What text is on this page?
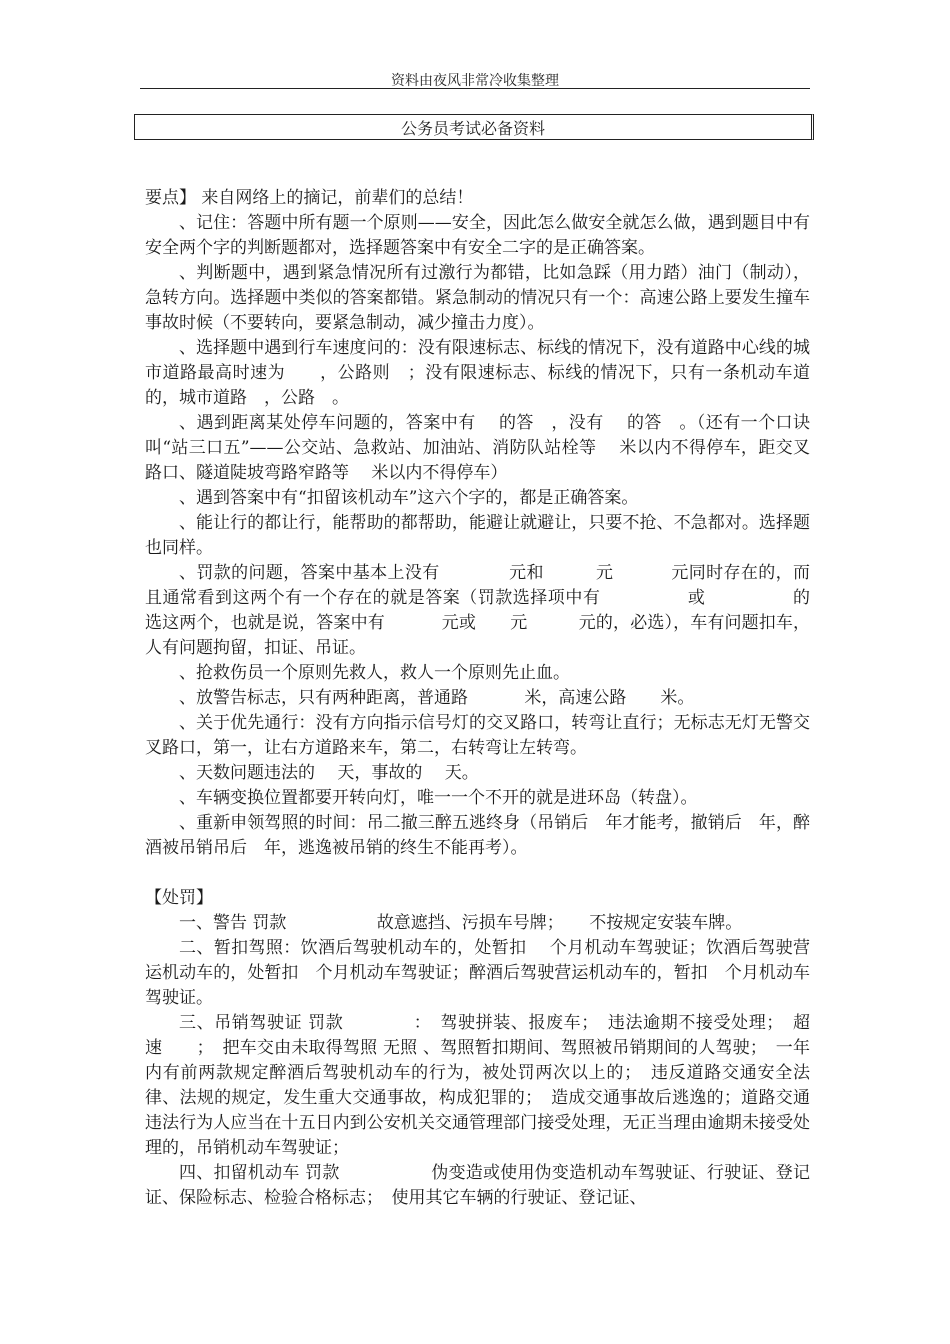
资料由夜风非常冷收集整理
公务员考试必备资料

要点】 来自网络上的摘记，前辈们的总结！

、记住：答题中所有题一个原则——安全，因此怎么做安全就怎么做，遇到题目中有安全两个字的判断题都对，选择题答案中有安全二字的是正确答案。

、判断题中，遇到紧急情况所有过激行为都错，比如急踩（用力踏）油门（制动），急转方向。选择题中类似的答案都错。紧急制动的情况只有一个：高速公路上要发生撞车事故时候（不要转向，要紧急制动，减少撞击力度）。

、选择题中遇到行车速度问的：没有限速标志、标线的情况下，没有道路中心线的城市道路最高时速为　　，公路则　；没有限速标志、标线的情况下，只有一条机动车道的，城市道路　，公路　。

、遇到距离某处停车问题的，答案中有　 的答　，没有　 的答　。（还有一个口诀叫“站三口五”——公交站、急救站、加油站、消防队站栓等　 米以内不得停车，距交叉路口、隧道陡坡弯路窄路等　 米以内不得停车）

、遇到答案中有“扣留该机动车”这六个字的，都是正确答案。

、能让行的都让行，能帮助的都帮助，能避让就避让，只要不抢、不急都对。选择题也同样。

、罚款的问题，答案中基本上没有　　　　元和　　　元　　　 元同时存在的，而且通常看到这两个有一个存在的就是答案（罚款选择项中有　　　　　或　　　　　的 选这两个，也就是说，答案中有　　　 元或　　元　　　元的，必选），车有问题扣车，人有问题拘留，扣证、吊证。

、抢救伤员一个原则先救人，救人一个原则先止血。

、放警告标志，只有两种距离，普通路　　　 米，高速公路　　米。

、关于优先通行：没有方向指示信号灯的交叉路口，转弯让直行；无标志无灯无警交叉路口，第一，让右方道路来车，第二，右转弯让左转弯。

、天数问题违法的　 天，事故的　 天。

、车辆变换位置都要开转向灯，唯一一个不开的就是进环岛（转盘）。

、重新申领驾照的时间：吊二撤三醉五逃终身（吊销后　年才能考，撤销后　年，醉酒被吊销吊后　年，逃逸被吊销的终生不能再考）。

【处罚】

一、警告 罚款　　　　　 故意遮挡、污损车号牌；　　不按规定安装车牌。

二、暂扣驾照：饮酒后驾驶机动车的，处暂扣　 个月机动车驾驶证；饮酒后驾驶营运机动车的，处暂扣　个月机动车驾驶证；醉酒后驾驶营运机动车的，暂扣　个月机动车驾驶证。

三、吊销驾驶证 罚款　　　　：　驾驶拼装、报废车；　违法逾期不接受处理；　超速　　；　把车交由未取得驾照 无照 、驾照暂扣期间、驾照被吊销期间的人驾驶；　一年内有前两款规定醉酒后驾驶机动车的行为，被处罚两次以上的；　违反道路交通安全法律、法规的规定，发生重大交通事故，构成犯罪的；　造成交通事故后逃逸的；道路交通违法行为人应当在十五日内到公安机关交通管理部门接受处理，无正当理由逾期未接受处理的，吊销机动车驾驶证；

四、扣留机动车 罚款　　　　　 伪变造或使用伪变造机动车驾驶证、行驶证、登记证、保险标志、检验合格标志；　使用其它车辆的行驶证、登记证、
